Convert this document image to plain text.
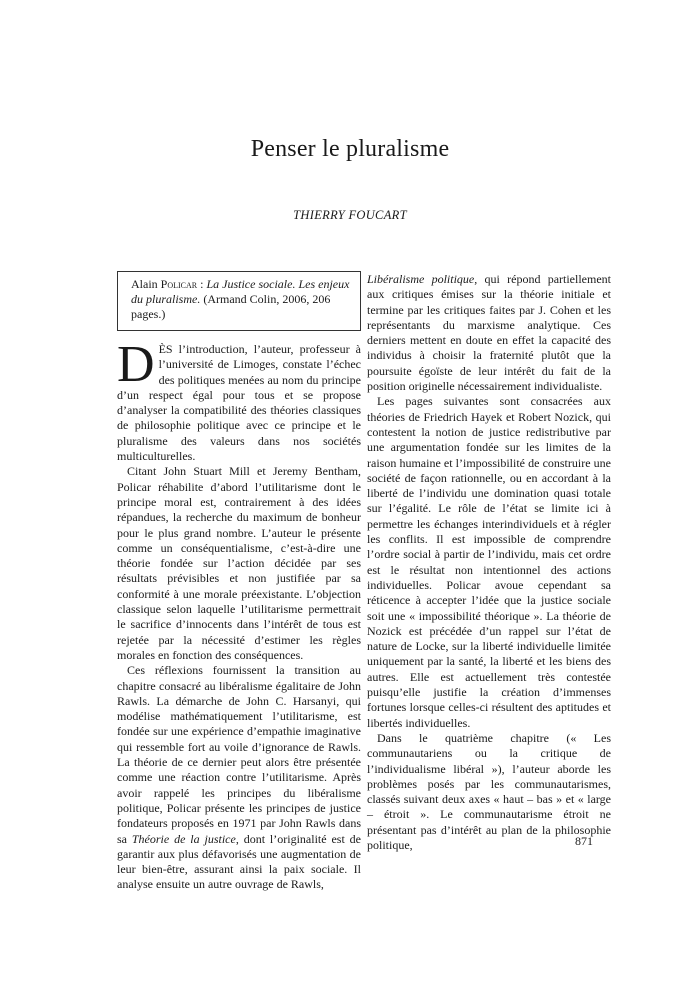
Penser le pluralisme
THIERRY FOUCART
Alain Policar : La Justice sociale. Les enjeux du pluralisme. (Armand Colin, 2006, 206 pages.)

DÈS l’introduction, l’auteur, professeur à l’université de Limoges, constate l’échec des politiques menées au nom du principe d’un respect égal pour tous et se propose d’analyser la compatibilité des théories classiques de philosophie politique avec ce principe et le pluralisme des valeurs dans nos sociétés multiculturelles.

Citant John Stuart Mill et Jeremy Bentham, Policar réhabilite d’abord l’utilitarisme dont le principe moral est, contrairement à des idées répandues, la recherche du maximum de bonheur pour le plus grand nombre. L’auteur le présente comme un conséquentialisme, c’est-à-dire une théorie fondée sur l’action décidée par ses résultats prévisibles et non justifiée par sa conformité à une morale préexistante. L’objection classique selon laquelle l’utilitarisme permettrait le sacrifice d’innocents dans l’intérêt de tous est rejetée par la nécessité d’estimer les règles morales en fonction des conséquences.

Ces réflexions fournissent la transition au chapitre consacré au libéralisme égalitaire de John Rawls. La démarche de John C. Harsanyi, qui modélise mathématiquement l’utilitarisme, est fondée sur une expérience d’empathie imaginative qui ressemble fort au voile d’ignorance de Rawls. La théorie de ce dernier peut alors être présentée comme une réaction contre l’utilitarisme. Après avoir rappelé les principes du libéralisme politique, Policar présente les principes de justice fondateurs proposés en 1971 par John Rawls dans sa Théorie de la justice, dont l’originalité est de garantir aux plus défavorisés une augmentation de leur bien-être, assurant ainsi la paix sociale. Il analyse ensuite un autre ouvrage de Rawls,

Libéralisme politique, qui répond partiellement aux critiques émises sur la théorie initiale et termine par les critiques faites par J. Cohen et les représentants du marxisme analytique. Ces derniers mettent en doute en effet la capacité des individus à choisir la fraternité plutôt que la poursuite égoïste de leur intérêt du fait de la position originelle nécessairement individualiste.

Les pages suivantes sont consacrées aux théories de Friedrich Hayek et Robert Nozick, qui contestent la notion de justice redistributive par une argumentation fondée sur les limites de la raison humaine et l’impossibilité de construire une société de façon rationnelle, ou en accordant à la liberté de l’individu une domination quasi totale sur l’égalité. Le rôle de l’état se limite ici à permettre les échanges interindividuels et à régler les conflits. Il est impossible de comprendre l’ordre social à partir de l’individu, mais cet ordre est le résultat non intentionnel des actions individuelles. Policar avoue cependant sa réticence à accepter l’idée que la justice sociale soit une « impossibilité théorique ». La théorie de Nozick est précédée d’un rappel sur l’état de nature de Locke, sur la liberté individuelle limitée uniquement par la santé, la liberté et les biens des autres. Elle est actuellement très contestée puisqu’elle justifie la création d’immenses fortunes lorsque celles-ci résultent des aptitudes et libertés individuelles.

Dans le quatrième chapitre (« Les communautariens ou la critique de l’individualisme libéral »), l’auteur aborde les problèmes posés par les communautarismes, classés suivant deux axes « haut – bas » et « large – étroit ». Le communautarisme étroit ne présentant pas d’intérêt au plan de la philosophie politique,	871
